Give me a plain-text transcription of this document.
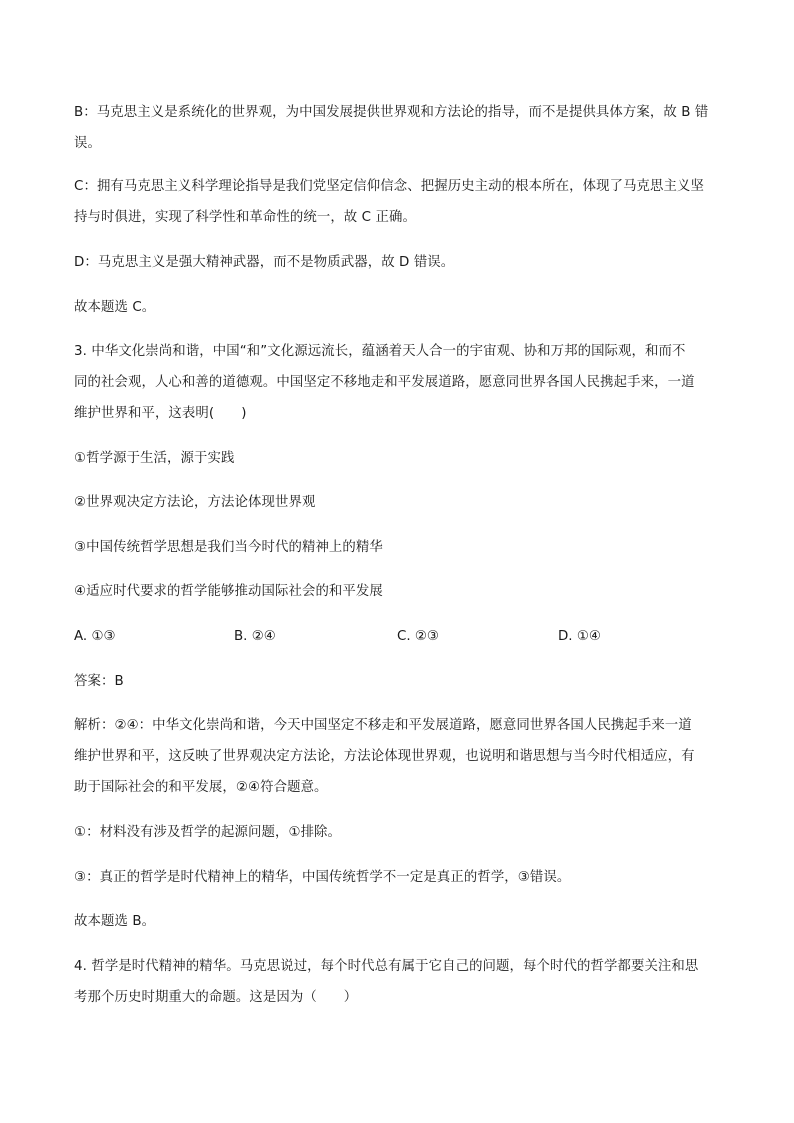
B：马克思主义是系统化的世界观，为中国发展提供世界观和方法论的指导，而不是提供具体方案，故 B 错
误。
C：拥有马克思主义科学理论指导是我们党坚定信仰信念、把握历史主动的根本所在，体现了马克思主义坚
持与时俱进，实现了科学性和革命性的统一，故 C 正确。
D：马克思主义是强大精神武器，而不是物质武器，故 D 错误。
故本题选 C。
3. 中华文化崇尚和谐，中国“和”文化源远流长，蕴涵着天人合一的宇宙观、协和万邦的国际观，和而不
同的社会观，人心和善的道德观。中国坚定不移地走和平发展道路，愿意同世界各国人民携起手来，一道
维护世界和平，这表明(　　)
①哲学源于生活，源于实践
②世界观决定方法论，方法论体现世界观
③中国传统哲学思想是我们当今时代的精神上的精华
④适应时代要求的哲学能够推动国际社会的和平发展
A. ①③	B. ②④	C. ②③	D. ①④
答案：B
解析：②④：中华文化崇尚和谐，今天中国坚定不移走和平发展道路，愿意同世界各国人民携起手来一道
维护世界和平，这反映了世界观决定方法论，方法论体现世界观，也说明和谐思想与当今时代相适应，有
助于国际社会的和平发展，②④符合题意。
①：材料没有涉及哲学的起源问题，①排除。
③：真正的哲学是时代精神上的精华，中国传统哲学不一定是真正的哲学，③错误。
故本题选 B。
4. 哲学是时代精神的精华。马克思说过，每个时代总有属于它自己的问题，每个时代的哲学都要关注和思
考那个历史时期重大的命题。这是因为（　　）
